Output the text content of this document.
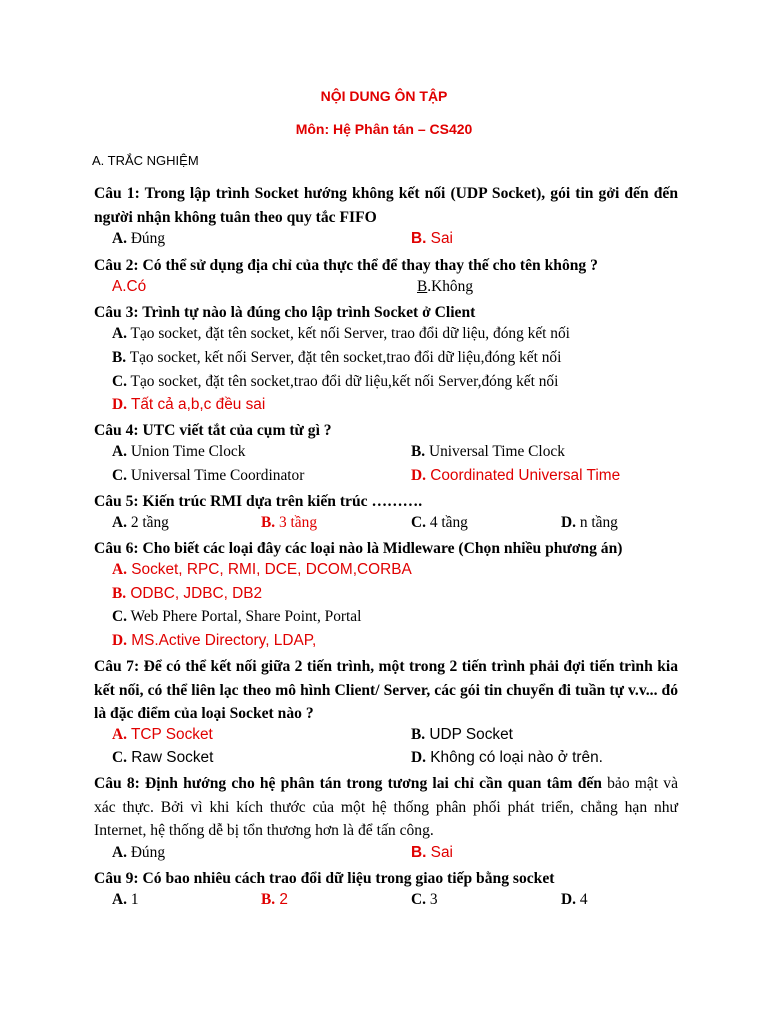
NỘI DUNG ÔN TẬP
Môn: Hệ Phân tán – CS420
A. TRẮC NGHIỆM
Câu 1: Trong lập trình Socket hướng không kết nối (UDP Socket), gói tin gởi đến đến người nhận không tuân theo quy tắc FIFO
A. Đúng	B. Sai
Câu 2: Có thể sử dụng địa chỉ của thực thể để thay thay thế cho tên không ?
A.Có	B.Không
Câu 3: Trình tự nào là đúng cho lập trình Socket ở Client
A. Tạo socket, đặt tên socket, kết nối Server, trao đổi dữ liệu, đóng kết nối
B. Tạo socket, kết nối Server, đặt tên socket,trao đổi dữ liệu,đóng kết nối
C. Tạo socket, đặt tên socket,trao đổi dữ liệu,kết nối Server,đóng kết nối
D. Tất cả a,b,c đều sai
Câu 4: UTC viết tắt của cụm từ gì ?
A. Union Time Clock	B. Universal Time Clock
C. Universal Time Coordinator	D. Coordinated Universal Time
Câu 5: Kiến trúc RMI dựa trên kiến trúc ……….
A. 2 tầng	B. 3 tầng	C. 4 tầng	D. n tầng
Câu 6: Cho biết các loại đây các loại nào là Midleware (Chọn nhiều phương án)
A. Socket, RPC, RMI, DCE, DCOM,CORBA
B. ODBC, JDBC, DB2
C. Web Phere Portal, Share Point, Portal
D. MS.Active Directory, LDAP,
Câu 7: Để có thể kết nối giữa 2 tiến trình, một trong 2 tiến trình phải đợi tiến trình kia kết nối, có thể liên lạc theo mô hình Client/ Server, các gói tin chuyển đi tuần tự v.v... đó là đặc điểm của loại Socket nào ?
A. TCP Socket	B. UDP Socket
C. Raw Socket	D. Không có loại nào ở trên.
Câu 8: Định hướng cho hệ phân tán trong tương lai chỉ cần quan tâm đến bảo mật và xác thực. Bởi vì khi kích thước của một hệ thống phân phối phát triển, chẳng hạn như Internet, hệ thống dễ bị tổn thương hơn là để tấn công.
A. Đúng	B. Sai
Câu 9: Có bao nhiêu cách trao đổi dữ liệu trong giao tiếp bằng socket
A. 1	B. 2	C. 3	D. 4
